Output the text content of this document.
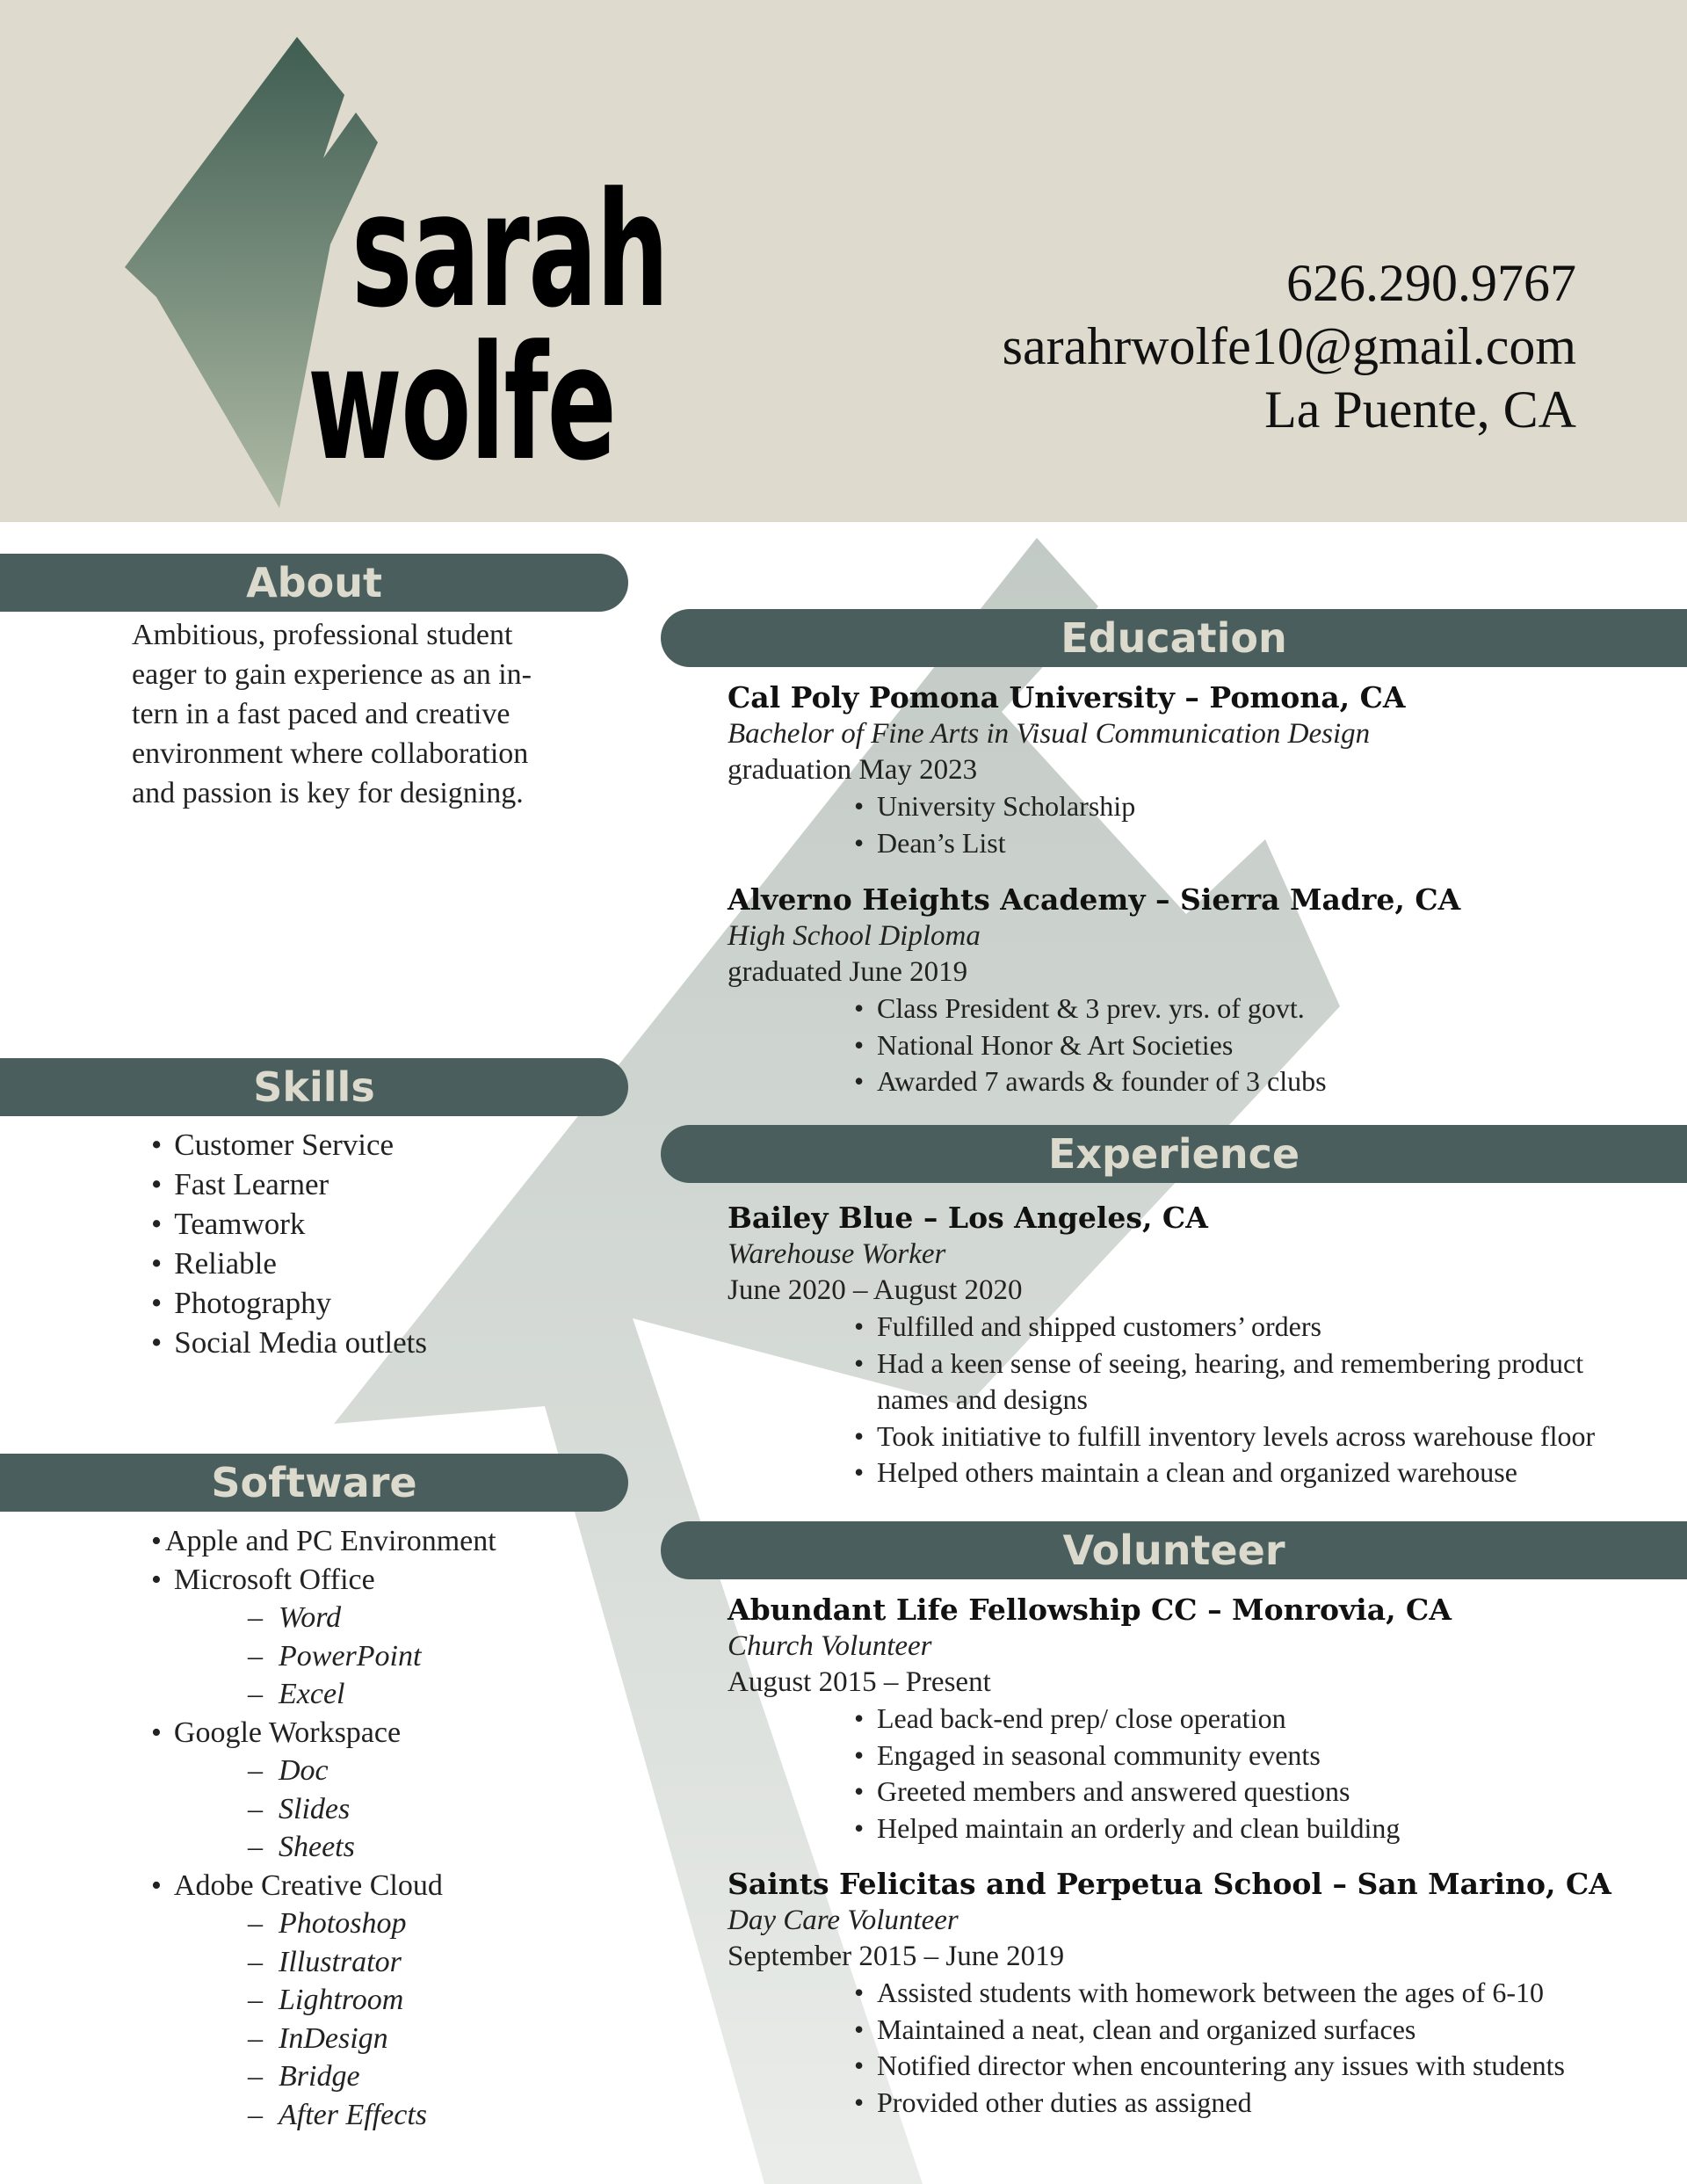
sarah
wolfe
626.290.9767
sarahrwolfe10@gmail.com
La Puente, CA
About
Ambitious, professional student
eager to gain experience as an in-
tern in a fast paced and creative
environment where collaboration
and passion is key for designing.
Skills
• Customer Service
• Fast Learner
• Teamwork
• Reliable
• Photography
• Social Media outlets
Software
• Apple and PC Environment
• Microsoft Office
– Word
– PowerPoint
– Excel
• Google Workspace
– Doc
– Slides
– Sheets
• Adobe Creative Cloud
– Photoshop
– Illustrator
– Lightroom
– InDesign
– Bridge
– After Effects
Education
Cal Poly Pomona University – Pomona, CA
Bachelor of Fine Arts in Visual Communication Design
graduation May 2023
• University Scholarship
• Dean’s List
Alverno Heights Academy – Sierra Madre, CA
High School Diploma
graduated June 2019
• Class President & 3 prev. yrs. of govt.
• National Honor & Art Societies
• Awarded 7 awards & founder of 3 clubs
Experience
Bailey Blue – Los Angeles, CA
Warehouse Worker
June 2020 – August 2020
• Fulfilled and shipped customers’ orders
• Had a keen sense of seeing, hearing, and remembering product names and designs
• Took initiative to fulfill inventory levels across warehouse floor
• Helped others maintain a clean and organized warehouse
Volunteer
Abundant Life Fellowship CC – Monrovia, CA
Church Volunteer
August 2015 – Present
• Lead back-end prep/ close operation
• Engaged in seasonal community events
• Greeted members and answered questions
• Helped maintain an orderly and clean building
Saints Felicitas and Perpetua School – San Marino, CA
Day Care Volunteer
September 2015 – June 2019
• Assisted students with homework between the ages of 6-10
• Maintained a neat, clean and organized surfaces
• Notified director when encountering any issues with students
• Provided other duties as assigned
